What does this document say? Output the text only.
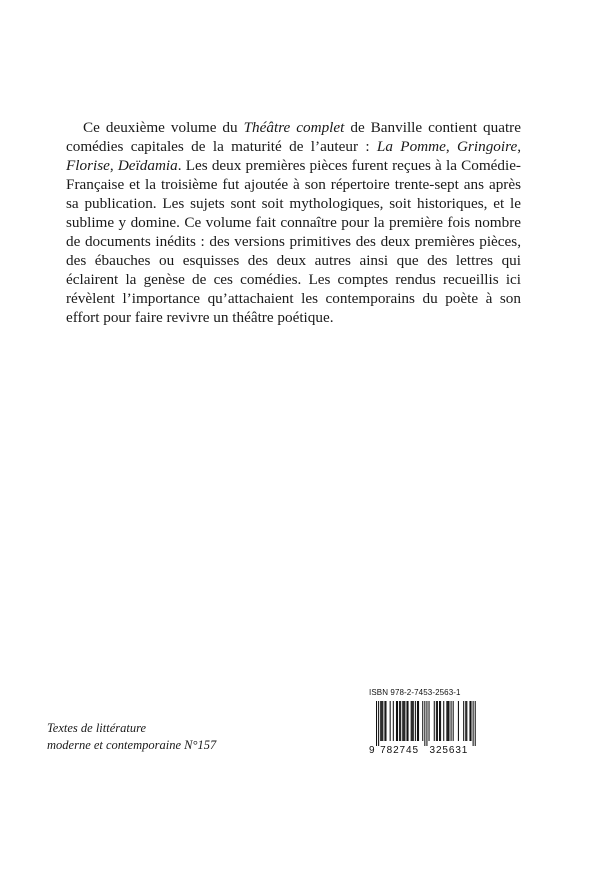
Ce deuxième volume du Théâtre complet de Banville contient quatre comédies capitales de la maturité de l’auteur : La Pomme, Gringoire, Florise, Deïdamia. Les deux premières pièces furent reçues à la Comédie-Française et la troisième fut ajoutée à son répertoire trente-sept ans après sa publication. Les sujets sont soit mythologiques, soit historiques, et le sublime y domine. Ce volume fait connaître pour la première fois nombre de documents inédits : des versions primitives des deux premières pièces, des ébauches ou esquisses des deux autres ainsi que des lettres qui éclairent la genèse de ces comédies. Les comptes rendus recueillis ici révèlent l’importance qu’attachaient les contemporains du poète à son effort pour faire revivre un théâtre poétique.

Textes de littérature
moderne et contemporaine N°157
ISBN 978-2-7453-2563-1
9 782745 325631
